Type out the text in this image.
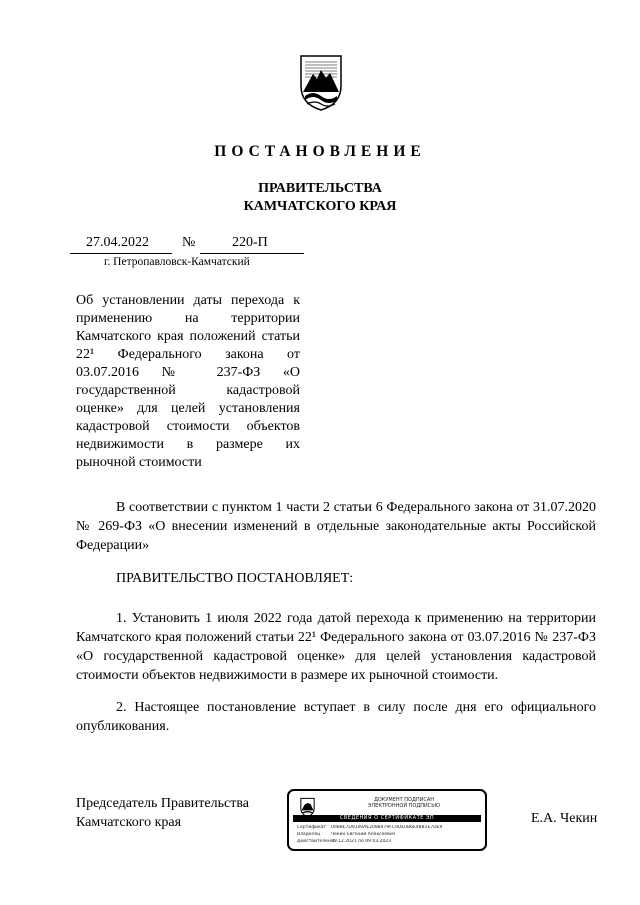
ПОСТАНОВЛЕНИЕ
ПРАВИТЕЛЬСТВА
КАМЧАТСКОГО КРАЯ
27.04.2022 №	220-П
г. Петропавловск-Камчатский
Об установлении даты перехода к применению на территории Камчатского края положений статьи 22¹ Федерального закона от 03.07.2016 № 237-ФЗ «О государственной кадастровой оценке» для целей установления кадастровой стоимости объектов недвижимости в размере их рыночной стоимости
В соответствии с пунктом 1 части 2 статьи 6 Федерального закона от 31.07.2020 № 269-ФЗ «О внесении изменений в отдельные законодательные акты Российской Федерации»
ПРАВИТЕЛЬСТВО ПОСТАНОВЛЯЕТ:
1. Установить 1 июля 2022 года датой перехода к применению на территории Камчатского края положений статьи 22¹ Федерального закона от 03.07.2016 № 237-ФЗ «О государственной кадастровой оценке» для целей установления кадастровой стоимости объектов недвижимости в размере их рыночной стоимости.
2. Настоящее постановление вступает в силу после дня его официального опубликования.
Председатель Правительства
Камчатского края
ДОКУМЕНТ ПОДПИСАН
ЭЛЕКТРОННОЙ ПОДПИСЬЮ
СВЕДЕНИЯ О СЕРТИФИКАТЕ ЭП
Сертификат 00B8E7D9100AE2088479FC9DE0B6E48B1E7DE9
Владелец Чекин Евгений Алексеевич
Действителен с09.12.2021 по 09.03.2023
Е.А. Чекин
